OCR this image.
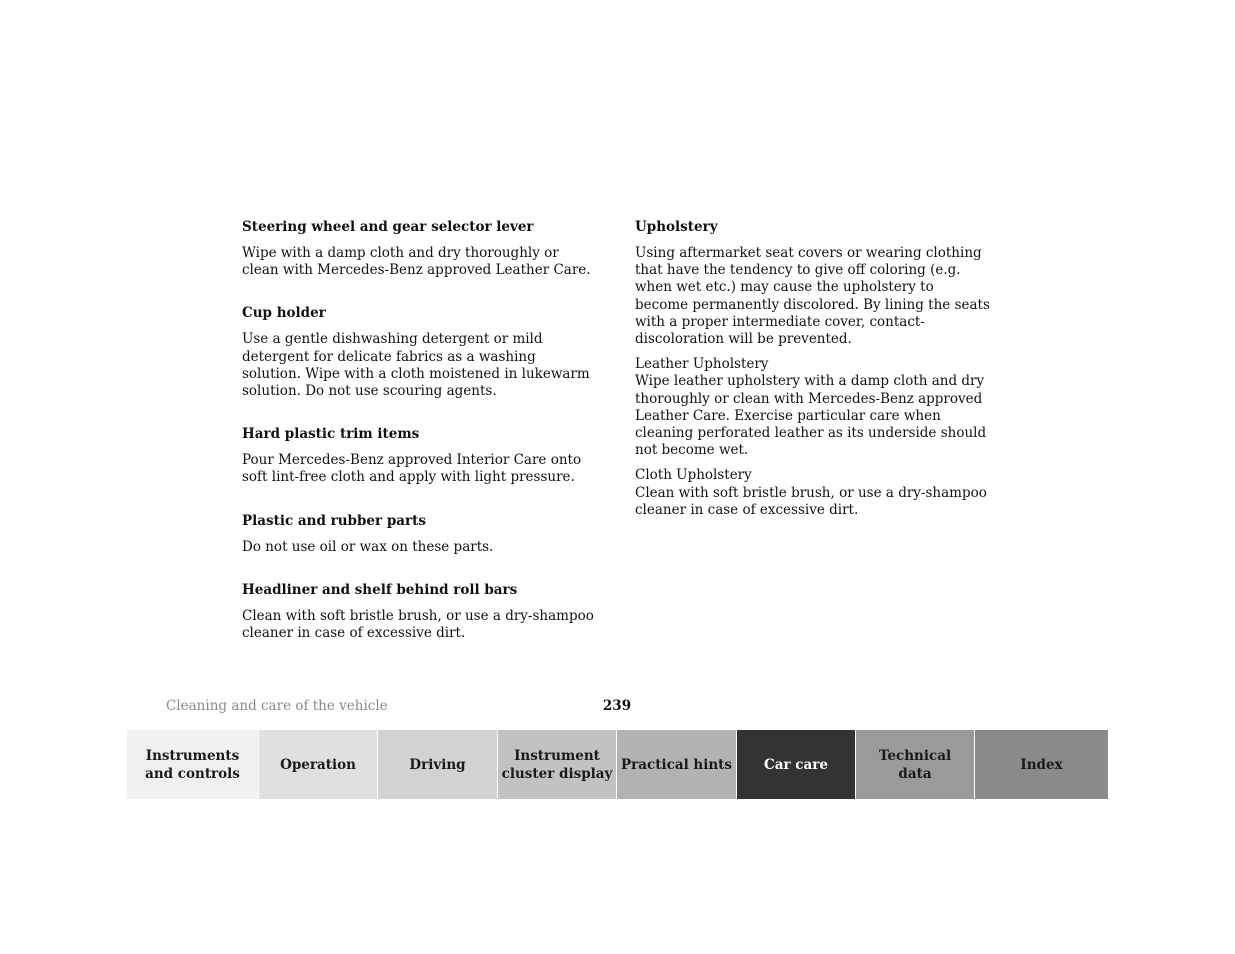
Steering wheel and gear selector lever

Wipe with a damp cloth and dry thoroughly or clean with Mercedes-Benz approved Leather Care.

Cup holder

Use a gentle dishwashing detergent or mild detergent for delicate fabrics as a washing solution. Wipe with a cloth moistened in lukewarm solution. Do not use scouring agents.

Hard plastic trim items

Pour Mercedes-Benz approved Interior Care onto soft lint-free cloth and apply with light pressure.

Plastic and rubber parts

Do not use oil or wax on these parts.

Headliner and shelf behind roll bars

Clean with soft bristle brush, or use a dry-shampoo cleaner in case of excessive dirt.

Upholstery

Using aftermarket seat covers or wearing clothing that have the tendency to give off coloring (e.g. when wet etc.) may cause the upholstery to become permanently discolored. By lining the seats with a proper intermediate cover, contact-discoloration will be prevented.

Leather Upholstery

Wipe leather upholstery with a damp cloth and dry thoroughly or clean with Mercedes-Benz approved Leather Care. Exercise particular care when cleaning perforated leather as its underside should not become wet.

Cloth Upholstery

Clean with soft bristle brush, or use a dry-shampoo cleaner in case of excessive dirt.

Cleaning and care of the vehicle	239
Instruments
and controls
Operation	Driving
Instrument
cluster display
Practical hints Car care
Technical
data
Index
